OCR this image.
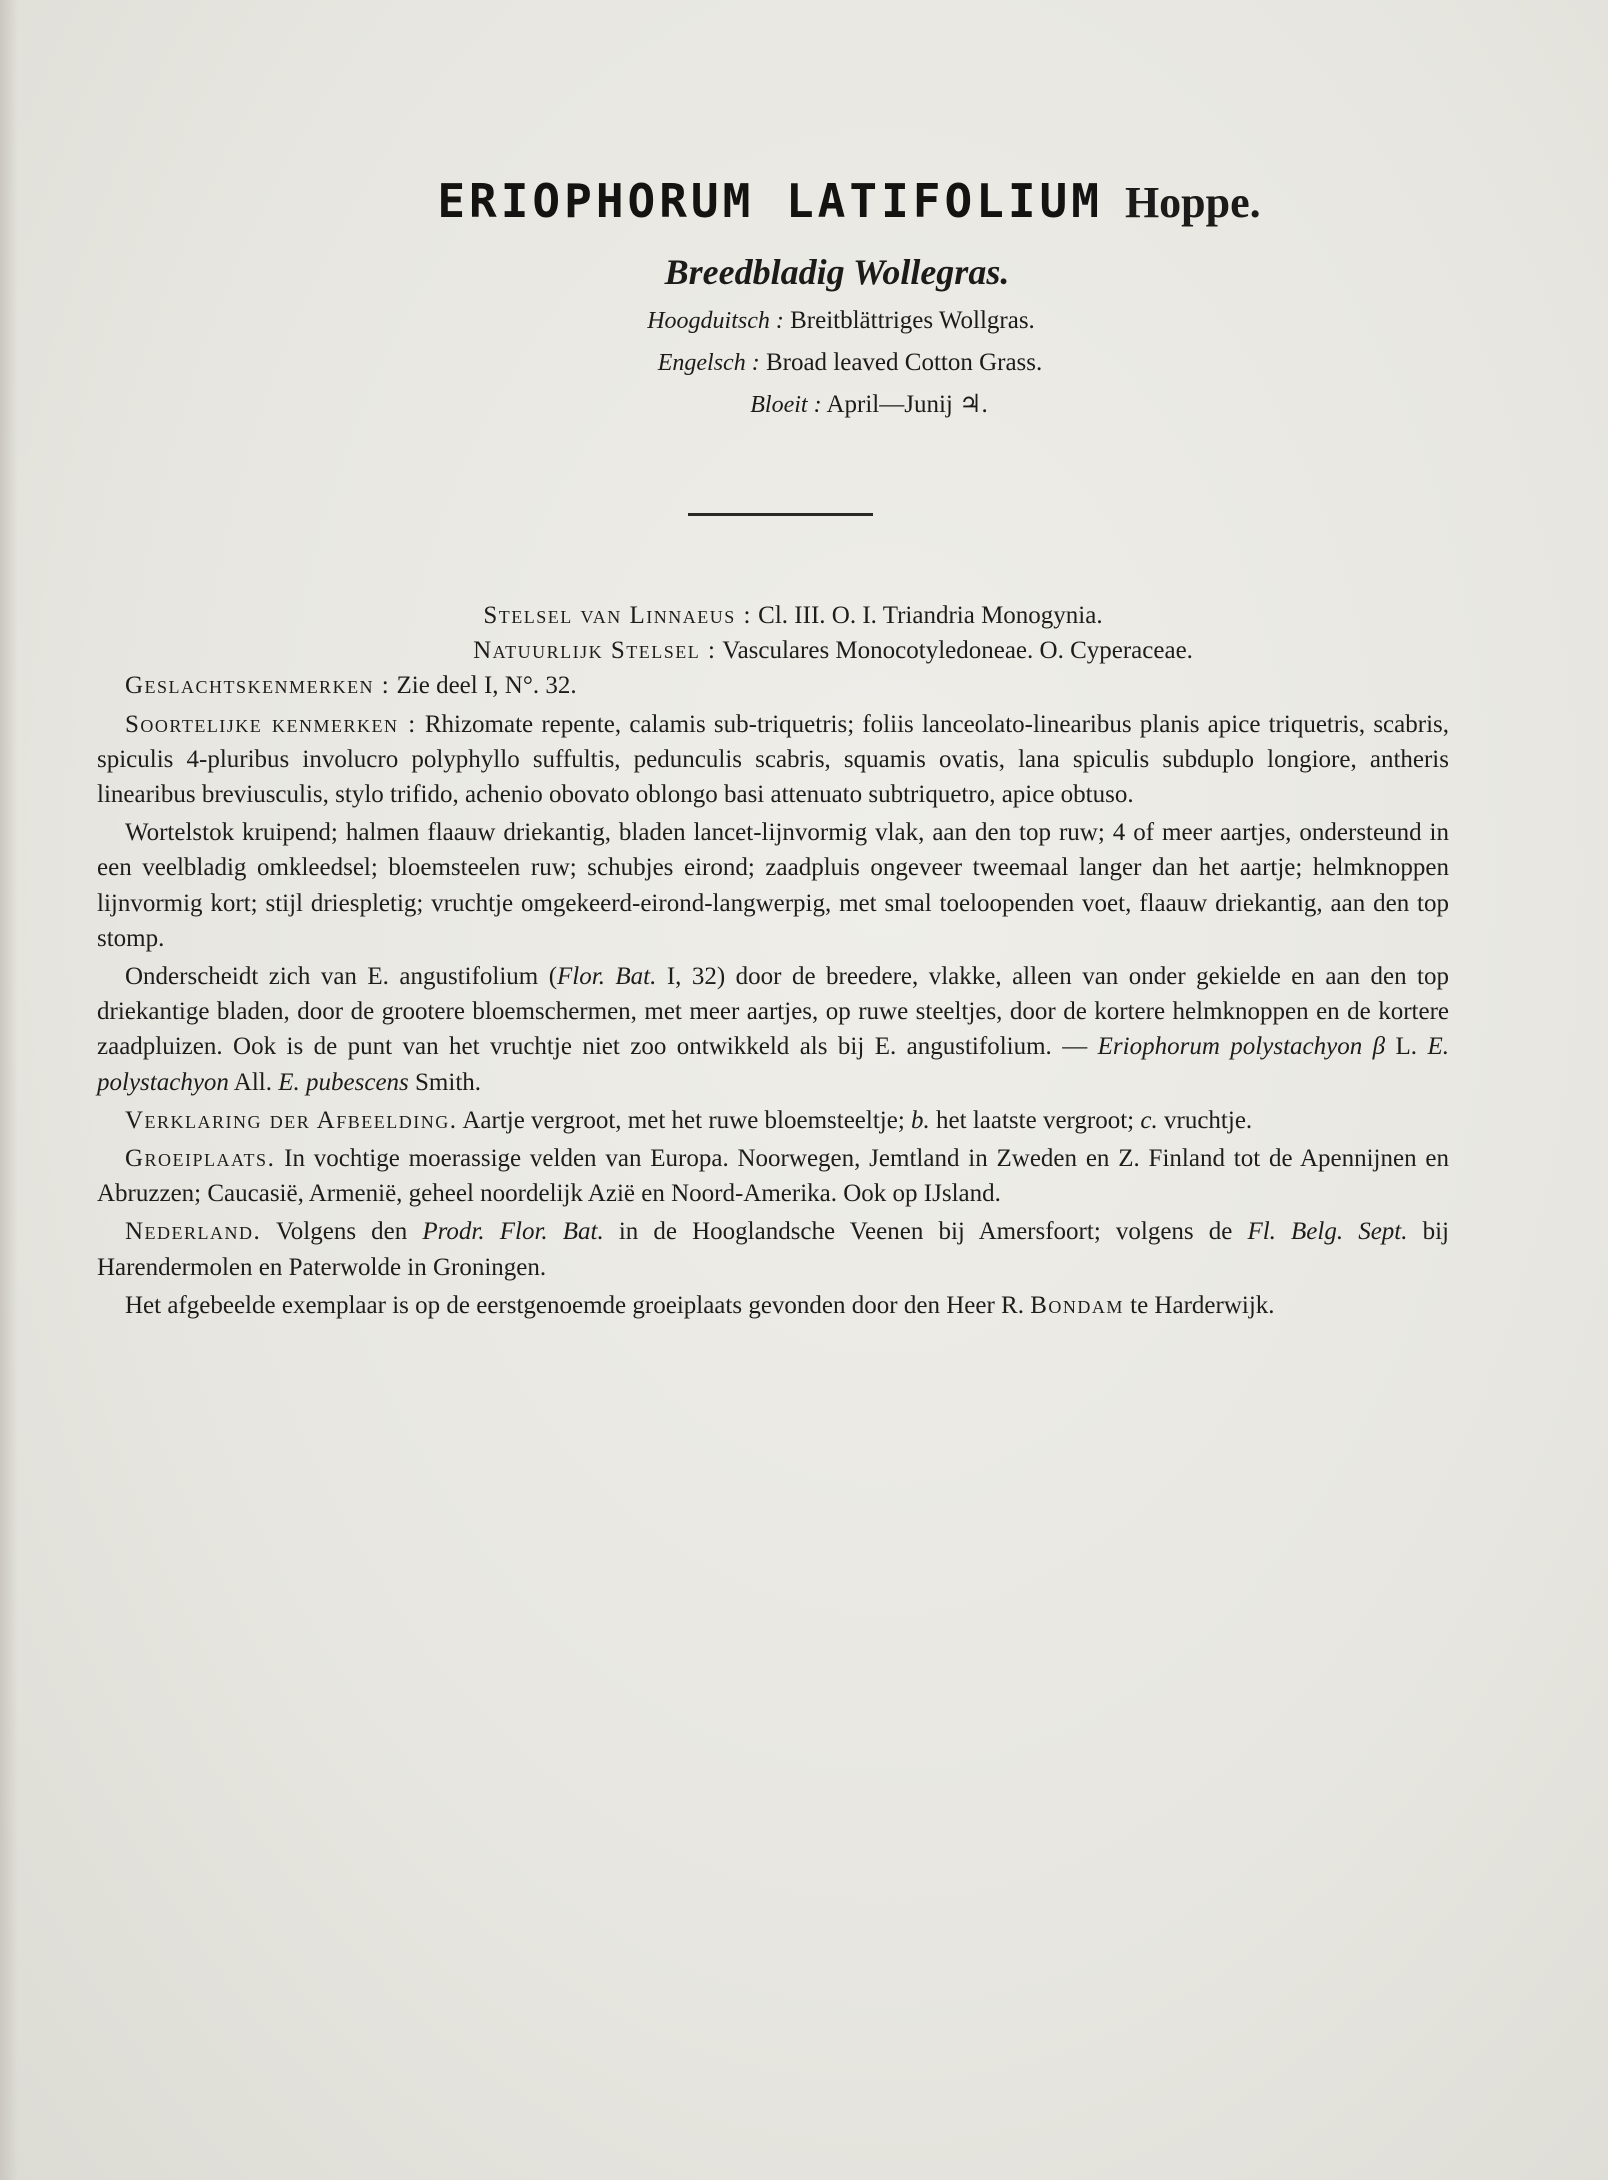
ERIOPHORUM LATIFOLIUM Hoppe.
Breedbladig Wollegras.
Hoogduitsch : Breitblättriges Wollgras.
Engelsch : Broad leaved Cotton Grass.
Bloeit : April—Junij ♃.

Stelsel van Linnaeus : Cl. III. O. I. Triandria Monogynia.

Natuurlijk Stelsel : Vasculares Monocotyledoneae. O. Cyperaceae.

Geslachtskenmerken : Zie deel I, N°. 32.

Soortelijke kenmerken : Rhizomate repente, calamis sub-triquetris; foliis lanceolato-linearibus planis apice triquetris, scabris, spiculis 4-pluribus involucro polyphyllo suffultis, pedunculis scabris, squamis ovatis, lana spiculis subduplo longiore, antheris linearibus breviusculis, stylo trifido, achenio obovato oblongo basi attenuato subtriquetro, apice obtuso.

Wortelstok kruipend; halmen flaauw driekantig, bladen lancet-lijnvormig vlak, aan den top ruw; 4 of meer aartjes, ondersteund in een veelbladig omkleedsel; bloemsteelen ruw; schubjes eirond; zaadpluis ongeveer tweemaal langer dan het aartje; helmknoppen lijnvormig kort; stijl driespletig; vruchtje omgekeerd-eirond-langwerpig, met smal toeloopenden voet, flaauw driekantig, aan den top stomp.

Onderscheidt zich van E. angustifolium (Flor. Bat. I, 32) door de breedere, vlakke, alleen van onder gekielde en aan den top driekantige bladen, door de grootere bloemschermen, met meer aartjes, op ruwe steeltjes, door de kortere helmknoppen en de kortere zaadpluizen. Ook is de punt van het vruchtje niet zoo ontwikkeld als bij E. angustifolium. — Eriophorum polystachyon β L. E. polystachyon All. E. pubescens Smith.

Verklaring der Afbeelding. Aartje vergroot, met het ruwe bloemsteeltje; b. het laatste vergroot; c. vruchtje.

Groeiplaats. In vochtige moerassige velden van Europa. Noorwegen, Jemtland in Zweden en Z. Finland tot de Apennijnen en Abruzzen; Caucasië, Armenië, geheel noordelijk Azië en Noord-Amerika. Ook op IJsland.

Nederland. Volgens den Prodr. Flor. Bat. in de Hooglandsche Veenen bij Amersfoort; volgens de Fl. Belg. Sept. bij Harendermolen en Paterwolde in Groningen.

Het afgebeelde exemplaar is op de eerstgenoemde groeiplaats gevonden door den Heer R. Bondam te Harderwijk.
